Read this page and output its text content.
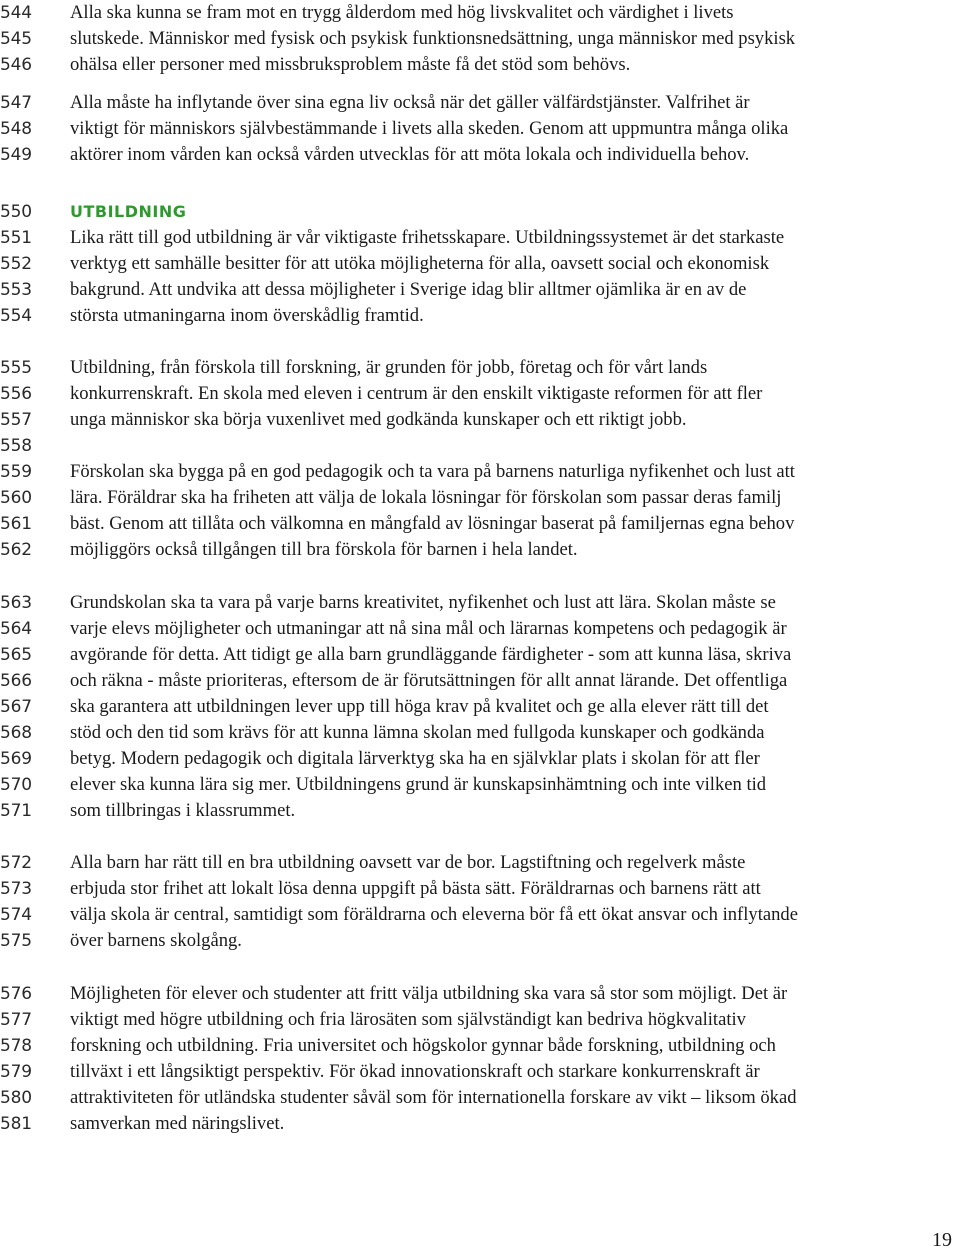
544	Alla ska kunna se fram mot en trygg ålderdom med hög livskvalitet och värdighet i livets
545	slutskede. Människor med fysisk och psykisk funktionsnedsättning, unga människor med psykisk
546	ohälsa eller personer med missbruksproblem måste få det stöd som behövs.
547	Alla måste ha inflytande över sina egna liv också när det gäller välfärdstjänster. Valfrihet är
548	viktigt för människors självbestämmande i livets alla skeden. Genom att uppmuntra många olika
549	aktörer inom vården kan också vården utvecklas för att möta lokala och individuella behov.
550	UTBILDNING
551	Lika rätt till god utbildning är vår viktigaste frihetsskapare. Utbildningssystemet är det starkaste
552	verktyg ett samhälle besitter för att utöka möjligheterna för alla, oavsett social och ekonomisk
553	bakgrund. Att undvika att dessa möjligheter i Sverige idag blir alltmer ojämlika är en av de
554	största utmaningarna inom överskådlig framtid.
555	Utbildning, från förskola till forskning, är grunden för jobb, företag och för vårt lands
556	konkurrenskraft. En skola med eleven i centrum är den enskilt viktigaste reformen för att fler
557	unga människor ska börja vuxenlivet med godkända kunskaper och ett riktigt jobb.
558
559	Förskolan ska bygga på en god pedagogik och ta vara på barnens naturliga nyfikenhet och lust att
560	lära. Föräldrar ska ha friheten att välja de lokala lösningar för förskolan som passar deras familj
561	bäst. Genom att tillåta och välkomna en mångfald av lösningar baserat på familjernas egna behov
562	möjliggörs också tillgången till bra förskola för barnen i hela landet.
563	Grundskolan ska ta vara på varje barns kreativitet, nyfikenhet och lust att lära. Skolan måste se
564	varje elevs möjligheter och utmaningar att nå sina mål och lärarnas kompetens och pedagogik är
565	avgörande för detta. Att tidigt ge alla barn grundläggande färdigheter - som att kunna läsa, skriva
566	och räkna - måste prioriteras, eftersom de är förutsättningen för allt annat lärande. Det offentliga
567	ska garantera att utbildningen lever upp till höga krav på kvalitet och ge alla elever rätt till det
568	stöd och den tid som krävs för att kunna lämna skolan med fullgoda kunskaper och godkända
569	betyg. Modern pedagogik och digitala lärverktyg ska ha en självklar plats i skolan för att fler
570	elever ska kunna lära sig mer. Utbildningens grund är kunskapsinhämtning och inte vilken tid
571	som tillbringas i klassrummet.
572	Alla barn har rätt till en bra utbildning oavsett var de bor. Lagstiftning och regelverk måste
573	erbjuda stor frihet att lokalt lösa denna uppgift på bästa sätt. Föräldrarnas och barnens rätt att
574	välja skola är central, samtidigt som föräldrarna och eleverna bör få ett ökat ansvar och inflytande
575	över barnens skolgång.
576	Möjligheten för elever och studenter att fritt välja utbildning ska vara så stor som möjligt. Det är
577	viktigt med högre utbildning och fria lärosäten som självständigt kan bedriva högkvalitativ
578	forskning och utbildning. Fria universitet och högskolor gynnar både forskning, utbildning och
579	tillväxt i ett långsiktigt perspektiv. För ökad innovationskraft och starkare konkurrenskraft är
580	attraktiviteten för utländska studenter såväl som för internationella forskare av vikt – liksom ökad
581	samverkan med näringslivet.
19
